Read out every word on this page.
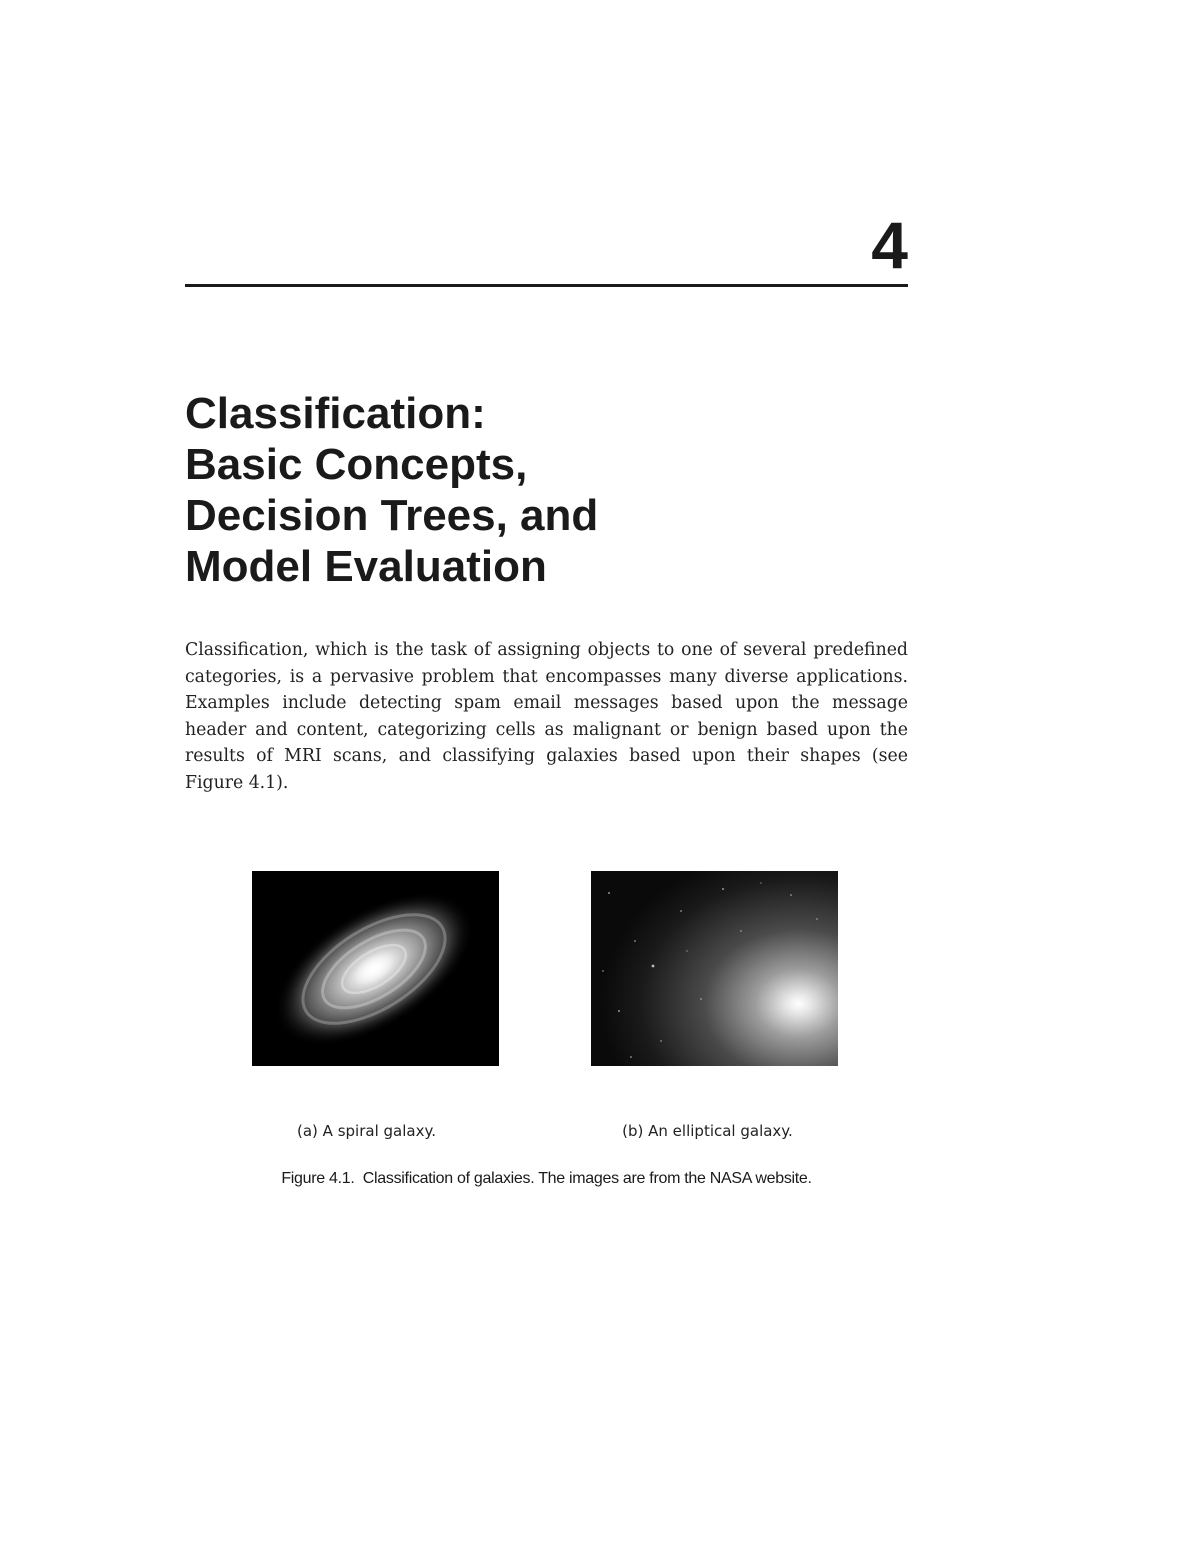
4
Classification:
Basic Concepts,
Decision Trees, and
Model Evaluation

Classification, which is the task of assigning objects to one of several predefined categories, is a pervasive problem that encompasses many diverse applications. Examples include detecting spam email messages based upon the message header and content, categorizing cells as malignant or benign based upon the results of MRI scans, and classifying galaxies based upon their shapes (see Figure 4.1).

(a) A spiral galaxy.	(b) An elliptical galaxy.
Figure 4.1. Classification of galaxies. The images are from the NASA website.
